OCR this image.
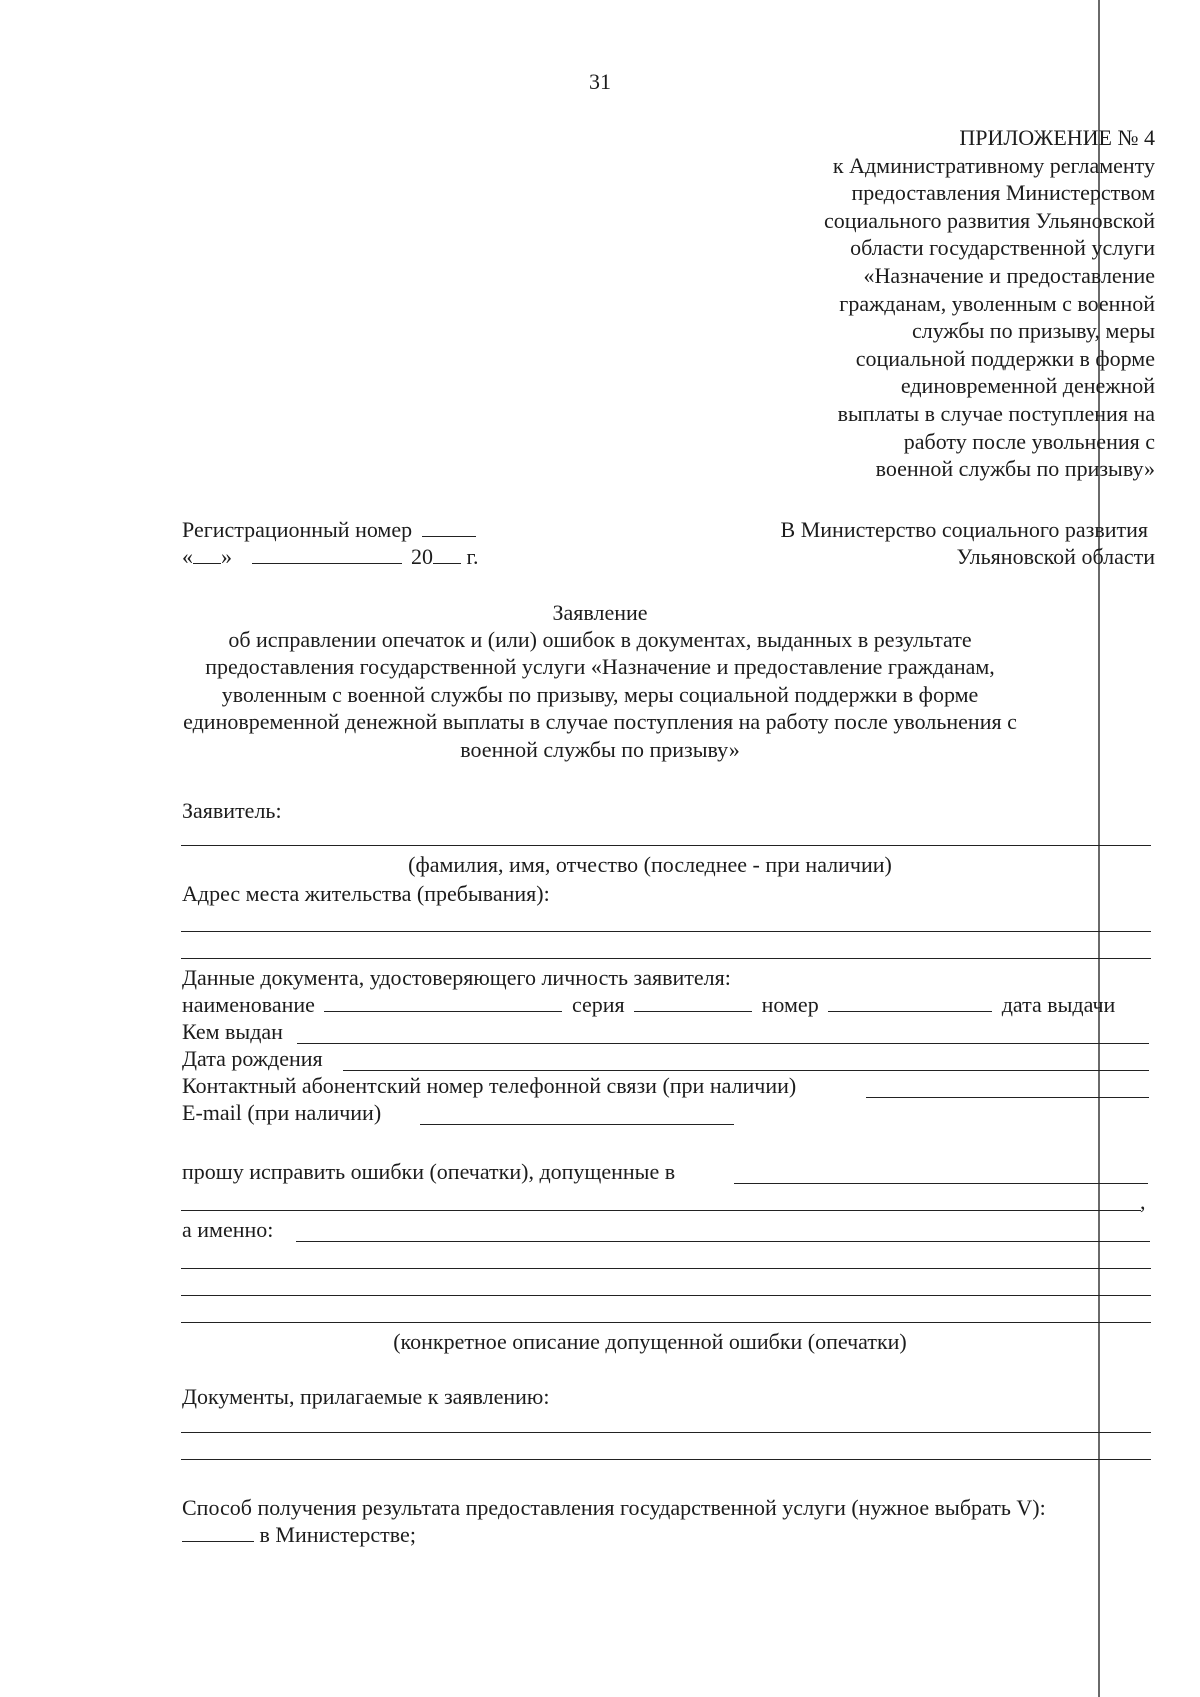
31
ПРИЛОЖЕНИЕ № 4
к Административному регламенту
предоставления Министерством
социального развития Ульяновской
области государственной услуги
«Назначение и предоставление
гражданам, уволенным с военной
службы по призыву, меры
социальной поддержки в форме
единовременной денежной
выплаты в случае поступления на
работу после увольнения с
военной службы по призыву»
Регистрационный номер
« »	20 г.
В Министерство социального развития
Ульяновской области
Заявление
об исправлении опечаток и (или) ошибок в документах, выданных в результате
предоставления государственной услуги «Назначение и предоставление гражданам,
уволенным с военной службы по призыву, меры социальной поддержки в форме
единовременной денежной выплаты в случае поступления на работу после увольнения с
военной службы по призыву»
Заявитель:
(фамилия, имя, отчество (последнее - при наличии)
Адрес места жительства (пребывания):
Данные документа, удостоверяющего личность заявителя:
наименование	серия	номер	дата выдачи
Кем выдан
Дата рождения
Контактный абонентский номер телефонной связи (при наличии)
E-mail (при наличии)
прошу исправить ошибки (опечатки), допущенные в
,
а именно:
(конкретное описание допущенной ошибки (опечатки)
Документы, прилагаемые к заявлению:
Способ получения результата предоставления государственной услуги (нужное выбрать V):
в Министерстве;
